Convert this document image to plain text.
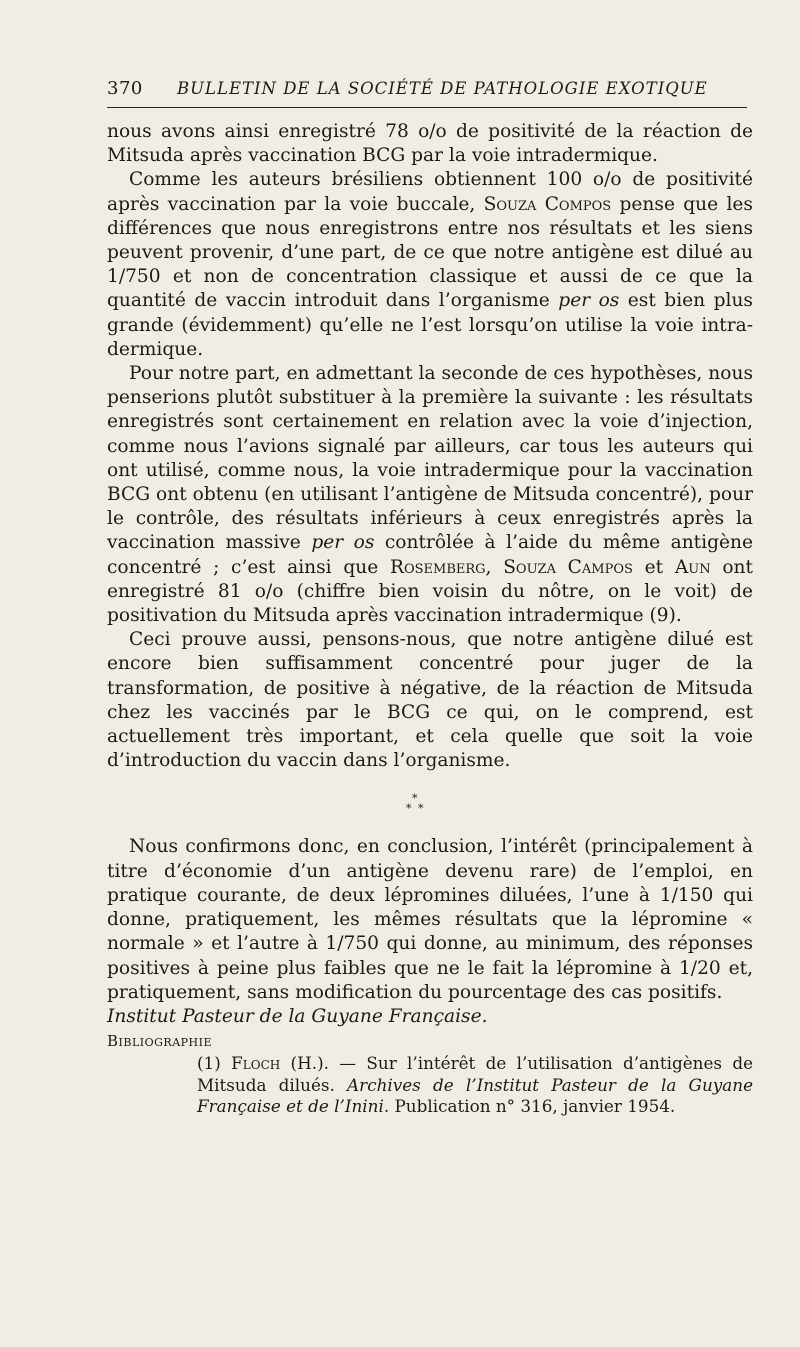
370 BULLETIN DE LA SOCIÉTÉ DE PATHOLOGIE EXOTIQUE

nous avons ainsi enregistré 78 o/o de positivité de la réaction de Mitsuda après vaccination BCG par la voie intradermique.

Comme les auteurs brésiliens obtiennent 100 o/o de positivité après vaccination par la voie buccale, Souza Compos pense que les différences que nous enregistrons entre nos résultats et les siens peuvent provenir, d’une part, de ce que notre antigène est dilué au 1/750 et non de concentration classique et aussi de ce que la quantité de vaccin introduit dans l’organisme per os est bien plus grande (évidemment) qu’elle ne l’est lorsqu’on utilise la voie intra-dermique.

Pour notre part, en admettant la seconde de ces hypothèses, nous penserions plutôt substituer à la première la suivante : les résultats enregistrés sont certainement en relation avec la voie d’injection, comme nous l’avions signalé par ailleurs, car tous les auteurs qui ont utilisé, comme nous, la voie intradermique pour la vaccination BCG ont obtenu (en utilisant l’antigène de Mitsuda concentré), pour le contrôle, des résultats inférieurs à ceux enregistrés après la vaccination massive per os contrôlée à l’aide du même antigène concentré ; c’est ainsi que Rosemberg, Souza Campos et Aun ont enregistré 81 o/o (chiffre bien voisin du nôtre, on le voit) de positivation du Mitsuda après vaccination intradermique (9).

Ceci prouve aussi, pensons-nous, que notre antigène dilué est encore bien suffisamment concentré pour juger de la transformation, de positive à négative, de la réaction de Mitsuda chez les vaccinés par le BCG ce qui, on le comprend, est actuellement très important, et cela quelle que soit la voie d’introduction du vaccin dans l’organisme.

*
* *

Nous confirmons donc, en conclusion, l’intérêt (principalement à titre d’économie d’un antigène devenu rare) de l’emploi, en pratique courante, de deux lépromines diluées, l’une à 1/150 qui donne, pratiquement, les mêmes résultats que la lépromine « normale » et l’autre à 1/750 qui donne, au minimum, des réponses positives à peine plus faibles que ne le fait la lépromine à 1/20 et, pratiquement, sans modification du pourcentage des cas positifs.

Institut Pasteur de la Guyane Française.

Bibliographie

(1) Floch (H.). — Sur l’intérêt de l’utilisation d’antigènes de Mitsuda dilués. Archives de l’Institut Pasteur de la Guyane Française et de l’Inini. Publication n° 316, janvier 1954.
